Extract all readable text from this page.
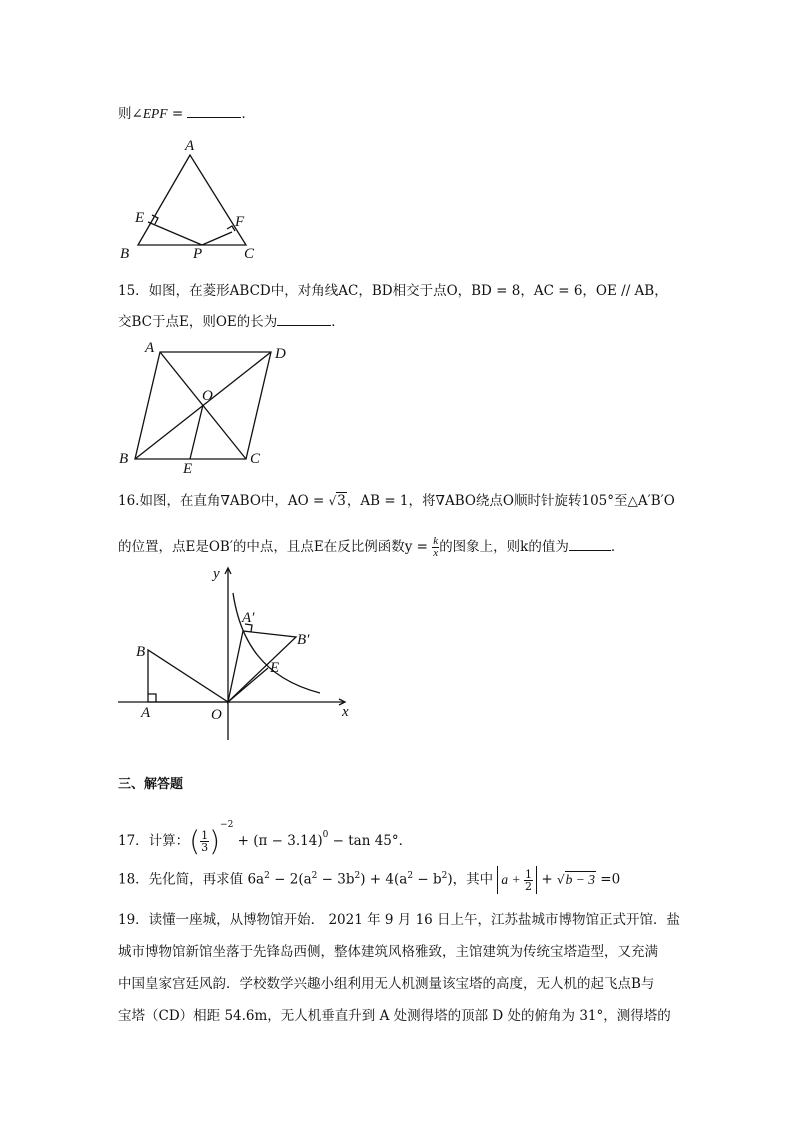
则∠EPF =	．
A
B	C
E	F
P
15．如图，在菱形ABCD中，对角线AC，BD相交于点O，BD = 8，AC = 6，OE // AB，
交BC于点E，则OE的长为	．
A	D
B	C
O
E
16.如图，在直角∇ABO中，AO = √3，AB = 1，将∇ABO绕点O顺时针旋转105°至△A′B′O
的位置，点E是OB′的中点，且点E在反比例函数$y = \frac{k}{x}$ 的图象上，则k的值为	．
y
x
B
A	O
A′
B′
E
三、解答题
17．计算：( $\frac{1}{3} )^{-2} + (\pi - 3.14)^0 - \tan 45^\circ$．
18．先化简，再求值 $6a^2 - 2(a^2 - 3b^2) + 4(a^2 - b^2)$，其中 $a + \frac{1}{2} + √b - 3 =0$
19．读懂一座城，从博物馆开始． 2021 年 9 月 16 日上午，江苏盐城市博物馆正式开馆．盐
城市博物馆新馆坐落于先锋岛西侧，整体建筑风格雅致，主馆建筑为传统宝塔造型，又充满
中国皇家宫廷风韵．学校数学兴趣小组利用无人机测量该宝塔的高度，无人机的起飞点B与
宝塔（CD）相距 54.6m，无人机垂直升到 A 处测得塔的顶部 D 处的俯角为 31°，测得塔的
